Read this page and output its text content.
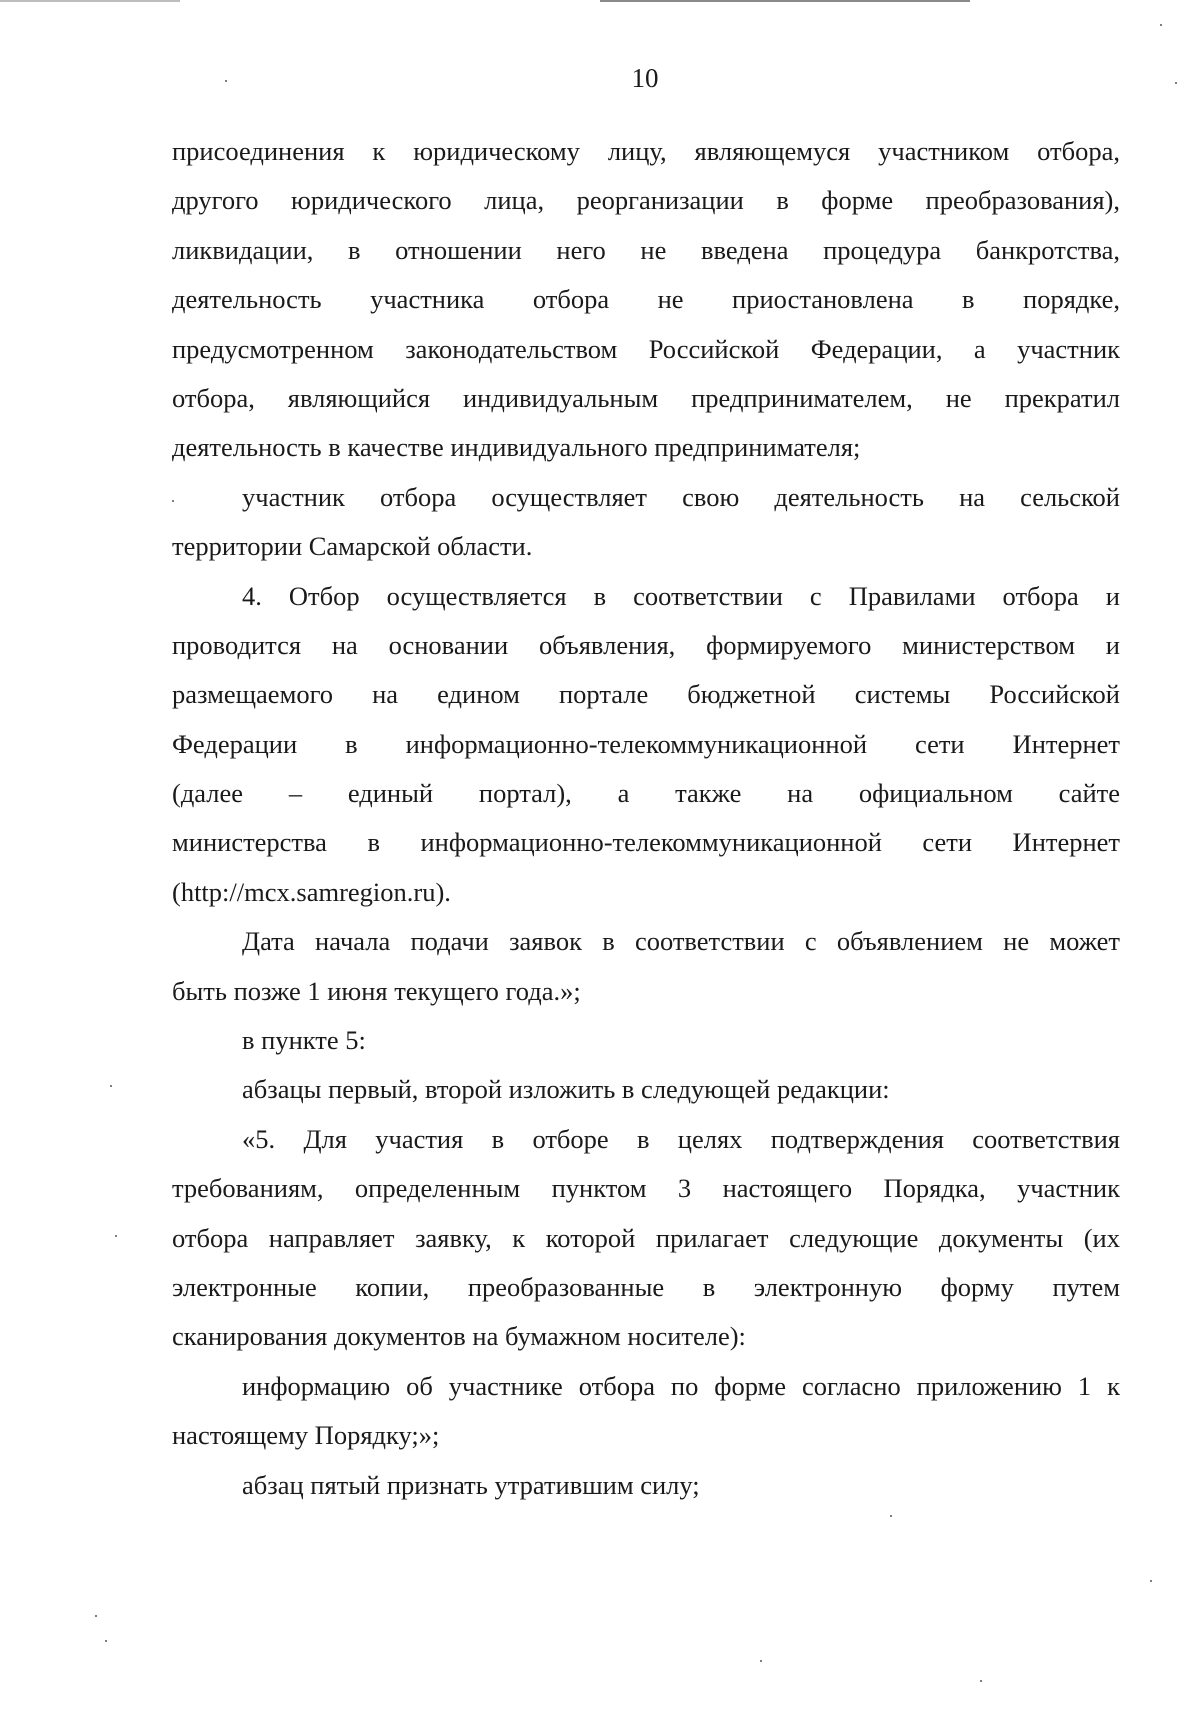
10
присоединения к юридическому лицу, являющемуся участником отбора,
другого юридического лица, реорганизации в форме преобразования),
ликвидации, в отношении него не введена процедура банкротства,
деятельность участника отбора не приостановлена в порядке,
предусмотренном законодательством Российской Федерации, а участник
отбора, являющийся индивидуальным предпринимателем, не прекратил
деятельность в качестве индивидуального предпринимателя;
участник отбора осуществляет свою деятельность на сельской
территории Самарской области.
4. Отбор осуществляется в соответствии с Правилами отбора и
проводится на основании объявления, формируемого министерством и
размещаемого на едином портале бюджетной системы Российской
Федерации в информационно-телекоммуникационной сети Интернет
(далее – единый портал), а также на официальном сайте
министерства в информационно-телекоммуникационной сети Интернет
(http://mcx.samregion.ru).
Дата начала подачи заявок в соответствии с объявлением не может
быть позже 1 июня текущего года.»;
в пункте 5:
абзацы первый, второй изложить в следующей редакции:
«5. Для участия в отборе в целях подтверждения соответствия
требованиям, определенным пунктом 3 настоящего Порядка, участник
отбора направляет заявку, к которой прилагает следующие документы (их
электронные копии, преобразованные в электронную форму путем
сканирования документов на бумажном носителе):
информацию об участнике отбора по форме согласно приложению 1 к
настоящему Порядку;»;
абзац пятый признать утратившим силу;
